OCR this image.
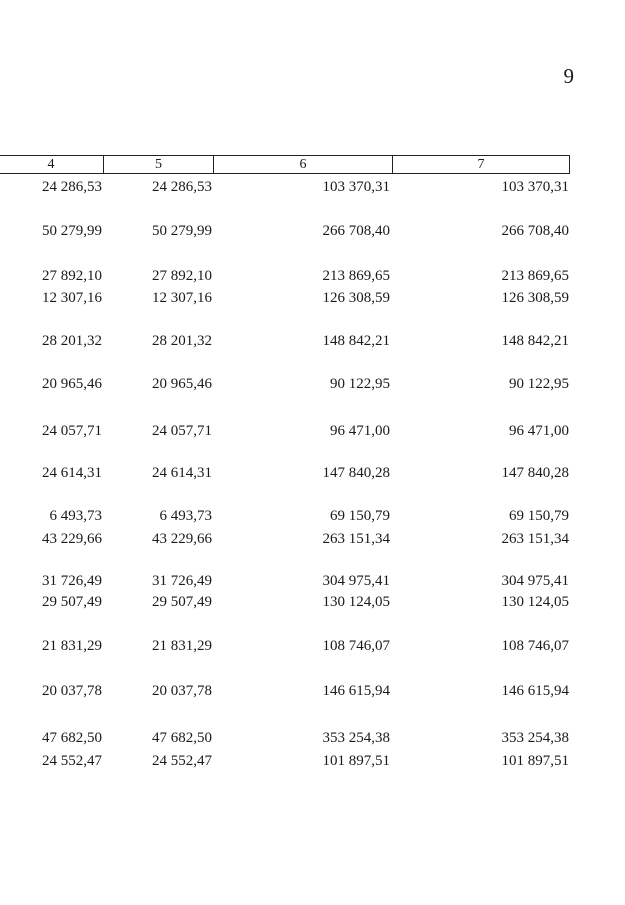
9
4	5	6	7
24 286,53	24 286,53	103 370,31	103 370,31
50 279,99	50 279,99	266 708,40	266 708,40
27 892,10	27 892,10	213 869,65	213 869,65
12 307,16	12 307,16	126 308,59	126 308,59
28 201,32	28 201,32	148 842,21	148 842,21
20 965,46	20 965,46	90 122,95	90 122,95
24 057,71	24 057,71	96 471,00	96 471,00
24 614,31	24 614,31	147 840,28	147 840,28
6 493,73	6 493,73	69 150,79	69 150,79
43 229,66	43 229,66	263 151,34	263 151,34
31 726,49	31 726,49	304 975,41	304 975,41
29 507,49	29 507,49	130 124,05	130 124,05
21 831,29	21 831,29	108 746,07	108 746,07
20 037,78	20 037,78	146 615,94	146 615,94
47 682,50	47 682,50	353 254,38	353 254,38
24 552,47	24 552,47	101 897,51	101 897,51
